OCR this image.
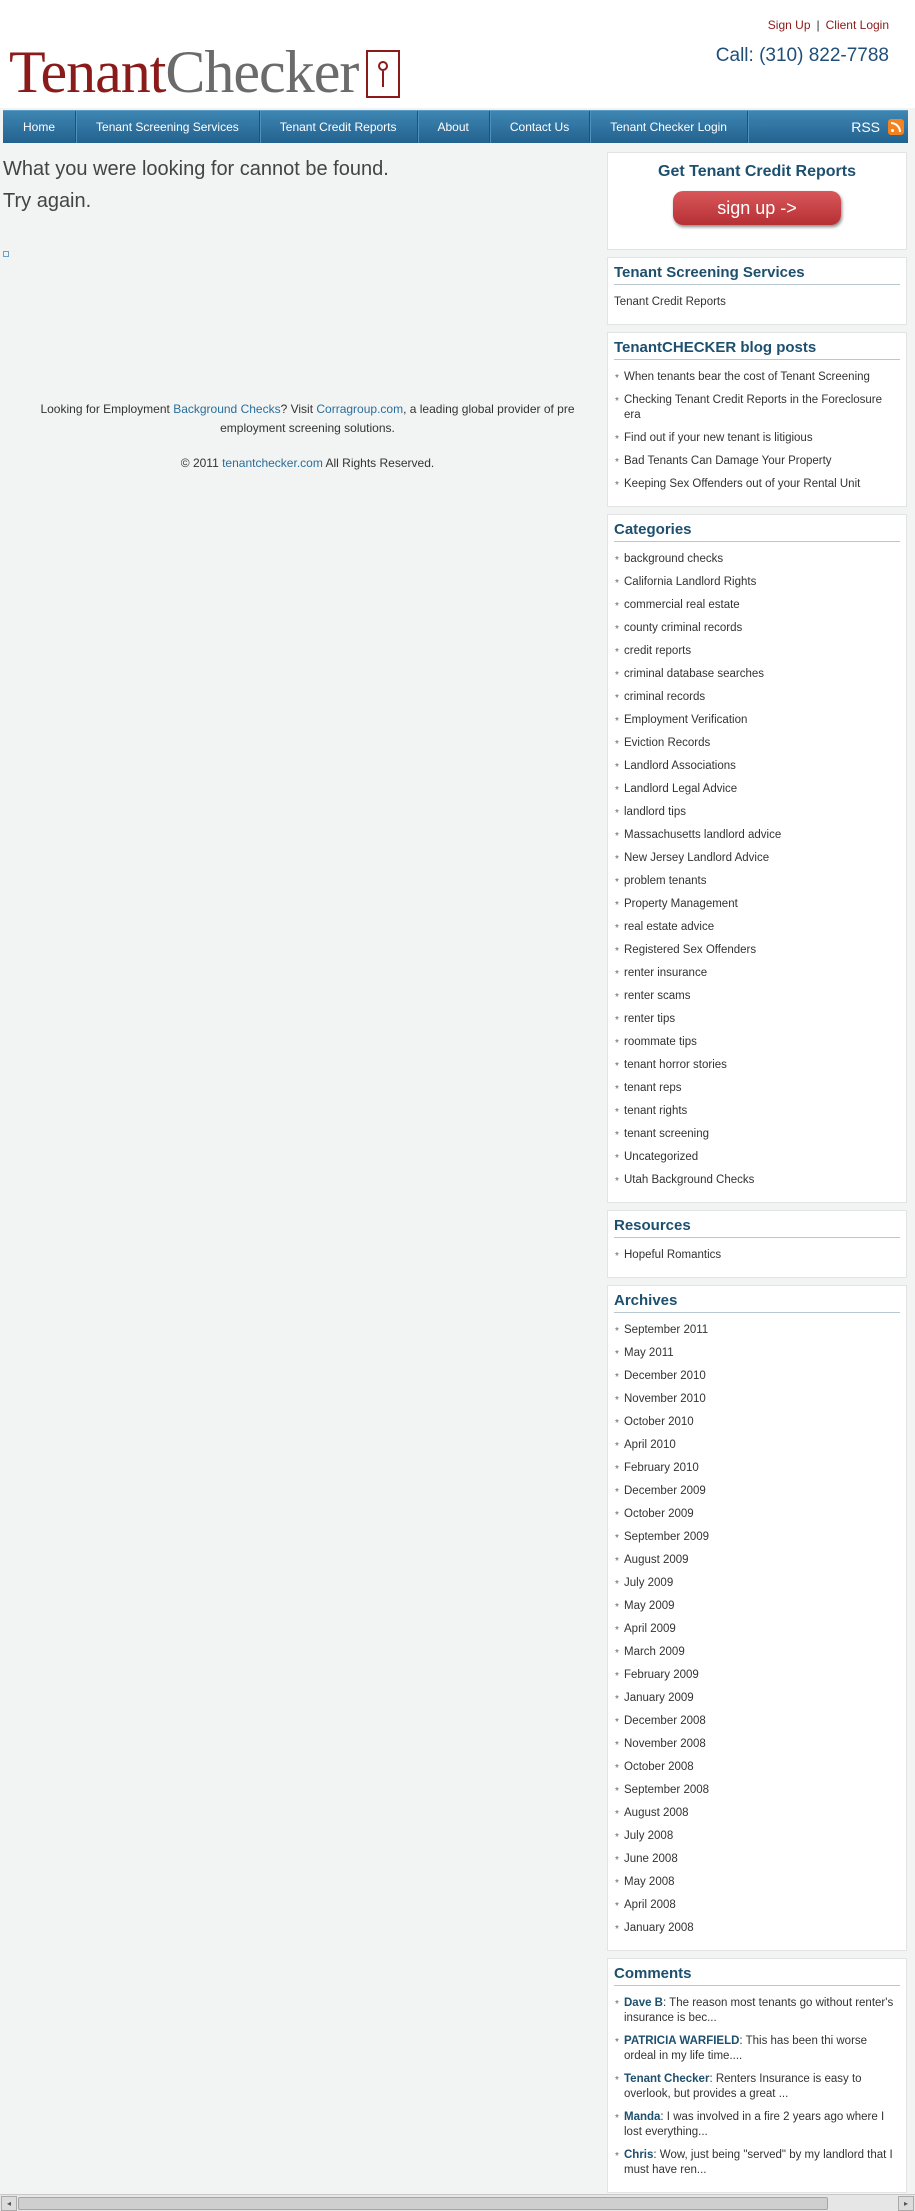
Tenant Checker
Sign Up | Client Login
Call: (310) 822-7788
Home	Tenant Screening Services	Tenant Credit Reports	About	Contact Us	Tenant Checker Login	RSS
What you were looking for cannot be found.
Try again.
Looking for Employment Background Checks? Visit Corragroup.com, a leading global provider of pre employment screening solutions.
© 2011 tenantchecker.com All Rights Reserved.
Get Tenant Credit Reports
sign up ->
Tenant Screening Services
Tenant Credit Reports
TenantCHECKER blog posts
* When tenants bear the cost of Tenant Screening
* Checking Tenant Credit Reports in the Foreclosure era
* Find out if your new tenant is litigious
* Bad Tenants Can Damage Your Property
* Keeping Sex Offenders out of your Rental Unit
Categories
* background checks
* California Landlord Rights
* commercial real estate
* county criminal records
* credit reports
* criminal database searches
* criminal records
* Employment Verification
* Eviction Records
* Landlord Associations
* Landlord Legal Advice
* landlord tips
* Massachusetts landlord advice
* New Jersey Landlord Advice
* problem tenants
* Property Management
* real estate advice
* Registered Sex Offenders
* renter insurance
* renter scams
* renter tips
* roommate tips
* tenant horror stories
* tenant reps
* tenant rights
* tenant screening
* Uncategorized
* Utah Background Checks
Resources
* Hopeful Romantics
Archives
* September 2011
* May 2011
* December 2010
* November 2010
* October 2010
* April 2010
* February 2010
* December 2009
* October 2009
* September 2009
* August 2009
* July 2009
* May 2009
* April 2009
* March 2009
* February 2009
* January 2009
* December 2008
* November 2008
* October 2008
* September 2008
* August 2008
* July 2008
* June 2008
* May 2008
* April 2008
* January 2008
Comments
* Dave B: The reason most tenants go without renter's insurance is bec...
* PATRICIA WARFIELD: This has been thi worse ordeal in my life time....
* Tenant Checker: Renters Insurance is easy to overlook, but provides a great ...
* Manda: I was involved in a fire 2 years ago where I lost everything...
* Chris: Wow, just being "served" by my landlord that I must have ren...
◂	▸
